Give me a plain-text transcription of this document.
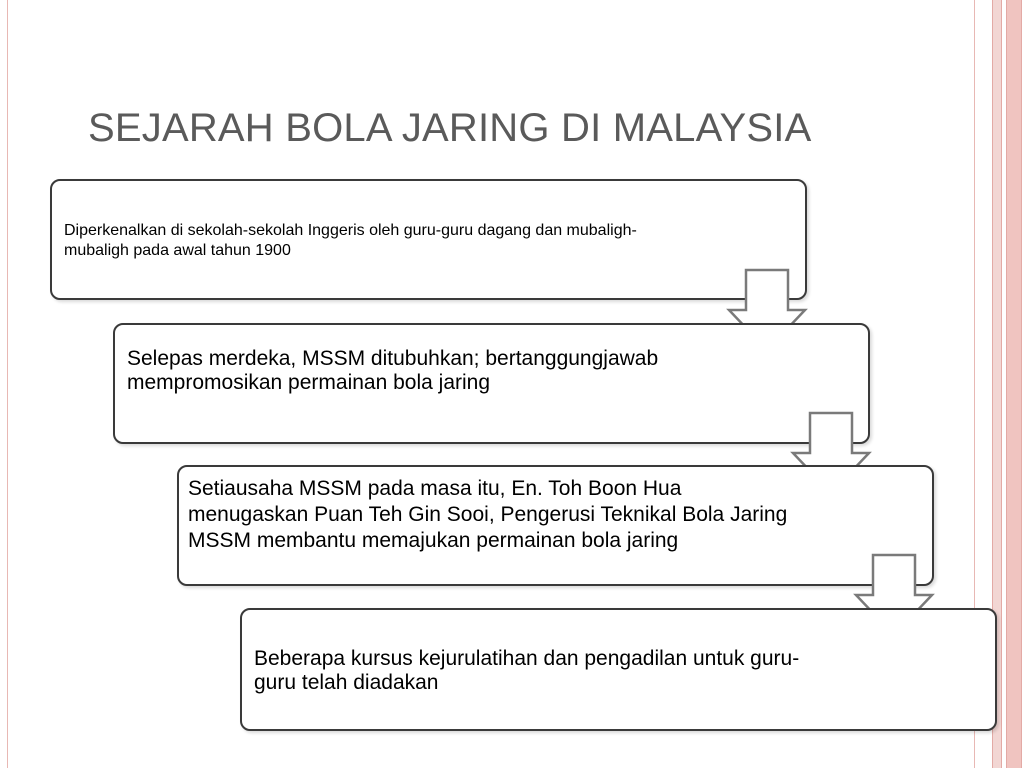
SEJARAH BOLA JARING DI MALAYSIA
Diperkenalkan di sekolah-sekolah Inggeris oleh guru-guru dagang dan mubaligh-mubaligh pada awal tahun 1900
Selepas merdeka, MSSM ditubuhkan; bertanggungjawab mempromosikan permainan bola jaring
Setiausaha MSSM pada masa itu, En. Toh Boon Hua menugaskan Puan Teh Gin Sooi, Pengerusi Teknikal Bola Jaring MSSM membantu memajukan permainan bola jaring
Beberapa kursus kejurulatihan dan pengadilan untuk guru-guru telah diadakan
